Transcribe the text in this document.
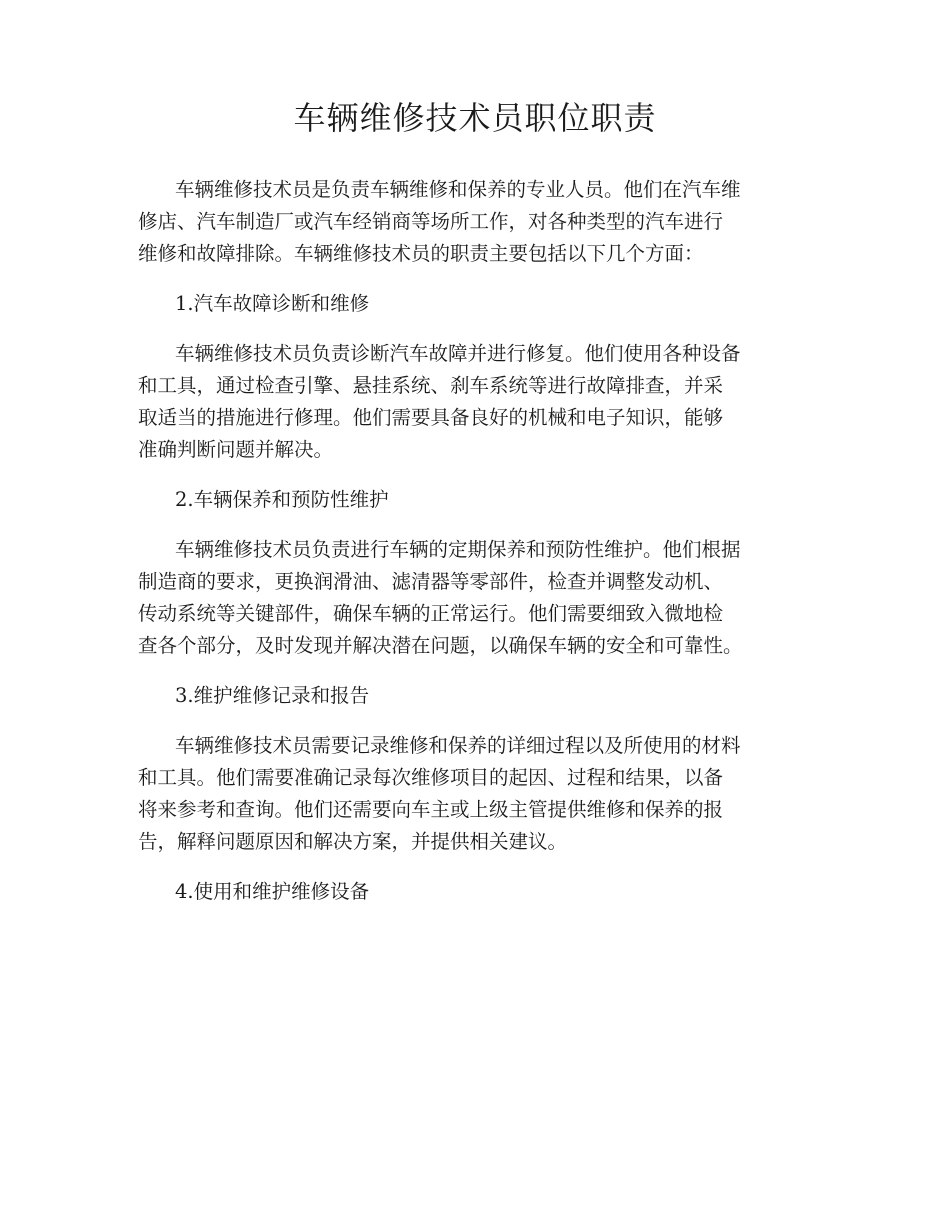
车辆维修技术员职位职责

车辆维修技术员是负责车辆维修和保养的专业人员。他们在汽车维
修店、汽车制造厂或汽车经销商等场所工作，对各种类型的汽车进行
维修和故障排除。车辆维修技术员的职责主要包括以下几个方面：

1.汽车故障诊断和维修

车辆维修技术员负责诊断汽车故障并进行修复。他们使用各种设备
和工具，通过检查引擎、悬挂系统、刹车系统等进行故障排查，并采
取适当的措施进行修理。他们需要具备良好的机械和电子知识，能够
准确判断问题并解决。

2.车辆保养和预防性维护

车辆维修技术员负责进行车辆的定期保养和预防性维护。他们根据
制造商的要求，更换润滑油、滤清器等零部件，检查并调整发动机、
传动系统等关键部件，确保车辆的正常运行。他们需要细致入微地检
查各个部分，及时发现并解决潜在问题，以确保车辆的安全和可靠性。

3.维护维修记录和报告

车辆维修技术员需要记录维修和保养的详细过程以及所使用的材料
和工具。他们需要准确记录每次维修项目的起因、过程和结果，以备
将来参考和查询。他们还需要向车主或上级主管提供维修和保养的报
告，解释问题原因和解决方案，并提供相关建议。

4.使用和维护维修设备
